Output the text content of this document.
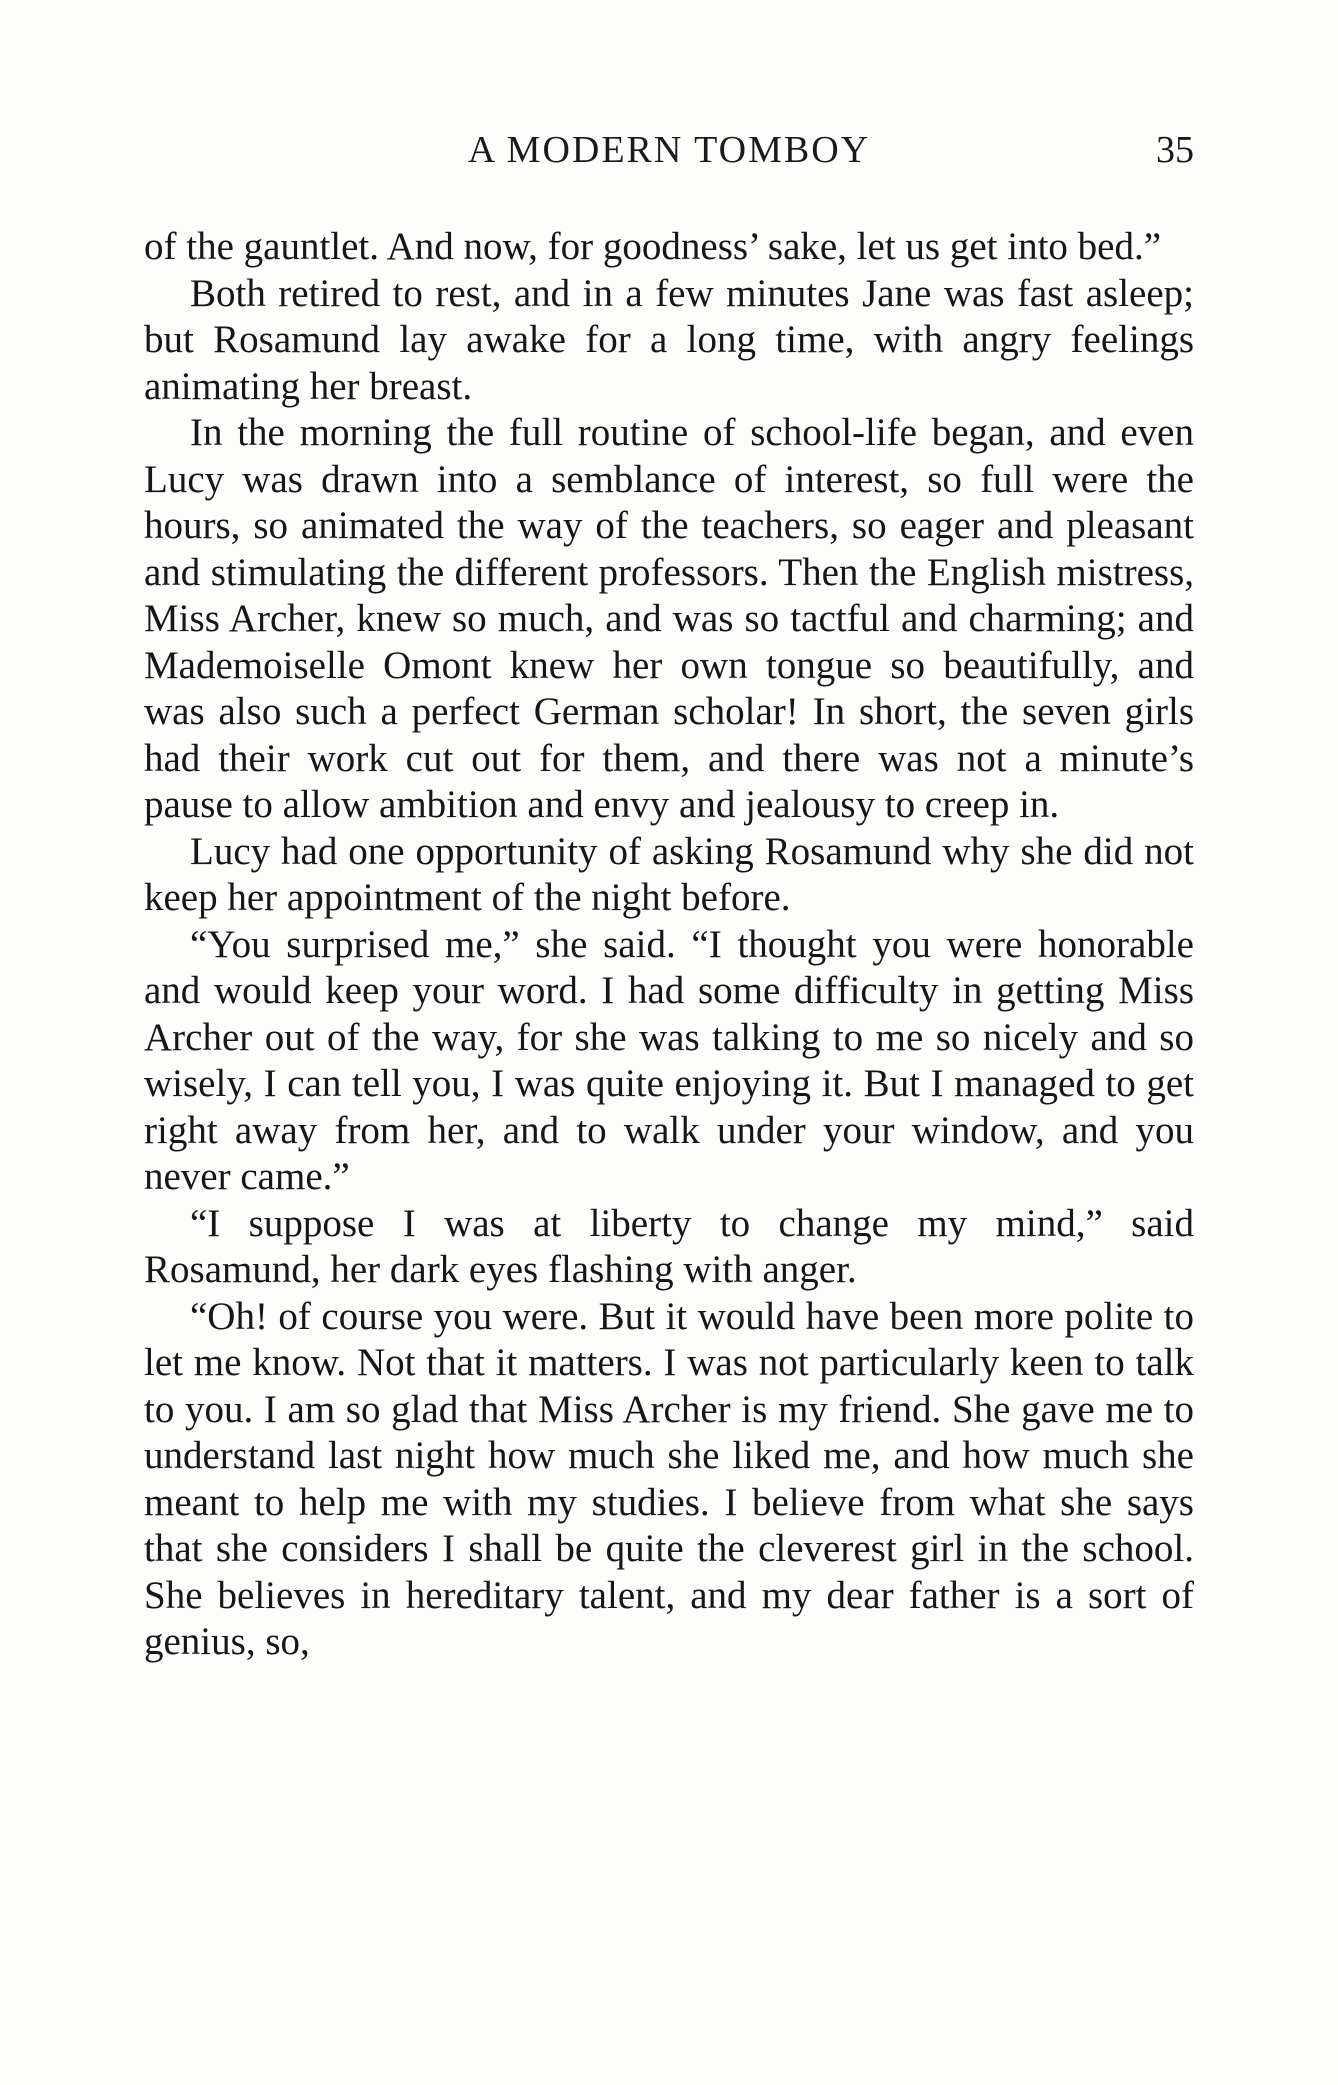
A MODERN TOMBOY	35

of the gauntlet. And now, for goodness’ sake, let us get into bed.”

Both retired to rest, and in a few minutes Jane was fast asleep; but Rosamund lay awake for a long time, with angry feelings animating her breast.

In the morning the full routine of school-life began, and even Lucy was drawn into a semblance of interest, so full were the hours, so animated the way of the teachers, so eager and pleasant and stimulating the different professors. Then the English mistress, Miss Archer, knew so much, and was so tactful and charming; and Mademoiselle Omont knew her own tongue so beautifully, and was also such a perfect German scholar! In short, the seven girls had their work cut out for them, and there was not a minute’s pause to allow ambition and envy and jealousy to creep in.

Lucy had one opportunity of asking Rosamund why she did not keep her appointment of the night before.

“You surprised me,” she said. “I thought you were honorable and would keep your word. I had some difficulty in getting Miss Archer out of the way, for she was talking to me so nicely and so wisely, I can tell you, I was quite enjoying it. But I managed to get right away from her, and to walk under your window, and you never came.”

“I suppose I was at liberty to change my mind,” said Rosamund, her dark eyes flashing with anger.

“Oh! of course you were. But it would have been more polite to let me know. Not that it matters. I was not particularly keen to talk to you. I am so glad that Miss Archer is my friend. She gave me to understand last night how much she liked me, and how much she meant to help me with my studies. I believe from what she says that she considers I shall be quite the cleverest girl in the school. She believes in hereditary talent, and my dear father is a sort of genius, so,
